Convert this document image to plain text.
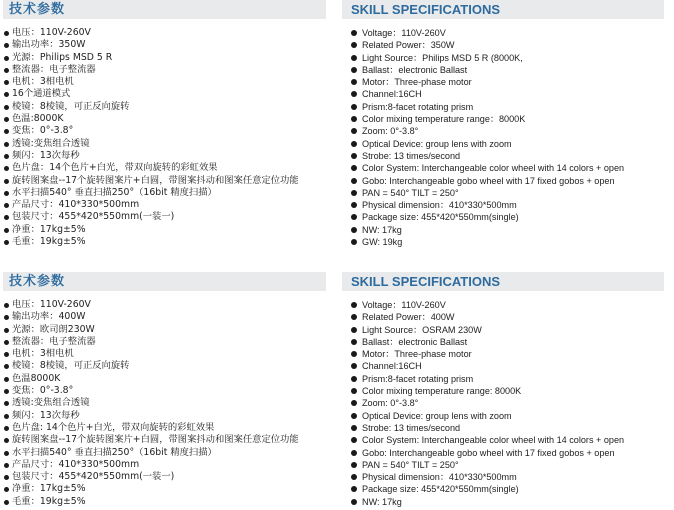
技术参数	SKILL SPECIFICATIONS
电压：110V-260V
输出功率：350W
光源：Philips MSD 5 R
整流器：电子整流器
电机：3相电机
16个通道模式
棱镜：8棱镜，可正反向旋转
色温:8000K
变焦：0°-3.8°
透镜:变焦组合透镜
频闪：13次每秒
色片盘：14个色片+白光，带双向旋转的彩虹效果
旋转图案盘--17个旋转图案片+白圆，带图案抖动和图案任意定位功能
水平扫描540° 垂直扫描250°（16bit 精度扫描）
产品尺寸：410*330*500mm
包装尺寸：455*420*550mm(一装一)
净重：17kg±5%
毛重：19kg±5%
Voltage：110V-260V
Related Power：350W
Light Source：Philips MSD 5 R (8000K,
Ballast：electronic Ballast
Motor：Three-phase motor
Channel:16CH
Prism:8-facet rotating prism
Color mixing temperature range：8000K
Zoom: 0°-3.8°
Optical Device: group lens with zoom
Strobe: 13 times/second
Color System: Interchangeable color wheel with 14 colors + open
Gobo: Interchangeable gobo wheel with 17 fixed gobos + open
PAN = 540° TILT = 250°
Physical dimension：410*330*500mm
Package size: 455*420*550mm(single)
NW: 17kg
GW: 19kg
技术参数	SKILL SPECIFICATIONS
电压：110V-260V
输出功率：400W
光源：欧司朗230W
整流器：电子整流器
电机：3相电机
棱镜：8棱镜，可正反向旋转
色温8000K
变焦：0°-3.8°
透镜:变焦组合透镜
频闪：13次每秒
色片盘: 14个色片+白光，带双向旋转的彩虹效果
旋转图案盘--17个旋转图案片+白圆，带图案抖动和图案任意定位功能
水平扫描540° 垂直扫描250°（16bit 精度扫描）
产品尺寸：410*330*500mm
包装尺寸：455*420*550mm(一装一)
净重：17kg±5%
毛重：19kg±5%
Voltage：110V-260V
Related Power：400W
Light Source：OSRAM 230W
Ballast：electronic Ballast
Motor：Three-phase motor
Channel:16CH
Prism:8-facet rotating prism
Color mixing temperature range: 8000K
Zoom: 0°-3.8°
Optical Device: group lens with zoom
Strobe: 13 times/second
Color System: Interchangeable color wheel with 14 colors + open
Gobo: Interchangeable gobo wheel with 17 fixed gobos + open
PAN = 540° TILT = 250°
Physical dimension：410*330*500mm
Package size: 455*420*550mm(single)
NW: 17kg
